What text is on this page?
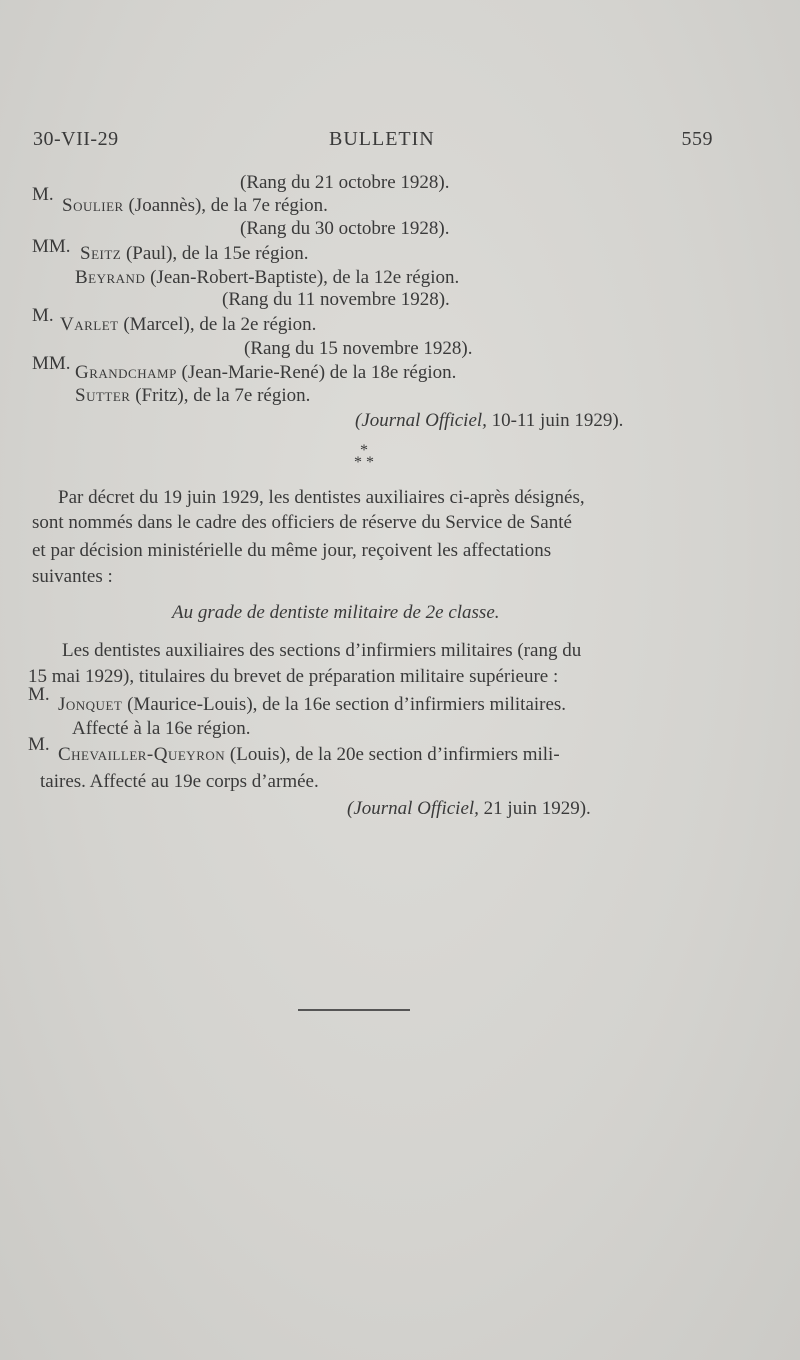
30-VII-29	BULLETIN	559
(Rang du 21 octobre 1928).
M.
Soulier (Joannès), de la 7e région.
(Rang du 30 octobre 1928).
MM. Seitz (Paul), de la 15e région.
Beyrand (Jean-Robert-Baptiste), de la 12e région.
(Rang du 11 novembre 1928).
M. Varlet (Marcel), de la 2e région.
(Rang du 15 novembre 1928).
MM. Grandchamp (Jean-Marie-René) de la 18e région.
Sutter (Fritz), de la 7e région.
(Journal Officiel, 10-11 juin 1929).
*
* *
Par décret du 19 juin 1929, les dentistes auxiliaires ci-après désignés,
sont nommés dans le cadre des officiers de réserve du Service de Santé
et par décision ministérielle du même jour, reçoivent les affectations
suivantes :
Au grade de dentiste militaire de 2e classe.
Les dentistes auxiliaires des sections d’infirmiers militaires (rang du
15 mai 1929), titulaires du brevet de préparation militaire supérieure :
M. Jonquet (Maurice-Louis), de la 16e section d’infirmiers militaires.
Affecté à la 16e région.
M. Chevailler-Queyron (Louis), de la 20e section d’infirmiers mili-
taires. Affecté au 19e corps d’armée.
(Journal Officiel, 21 juin 1929).
